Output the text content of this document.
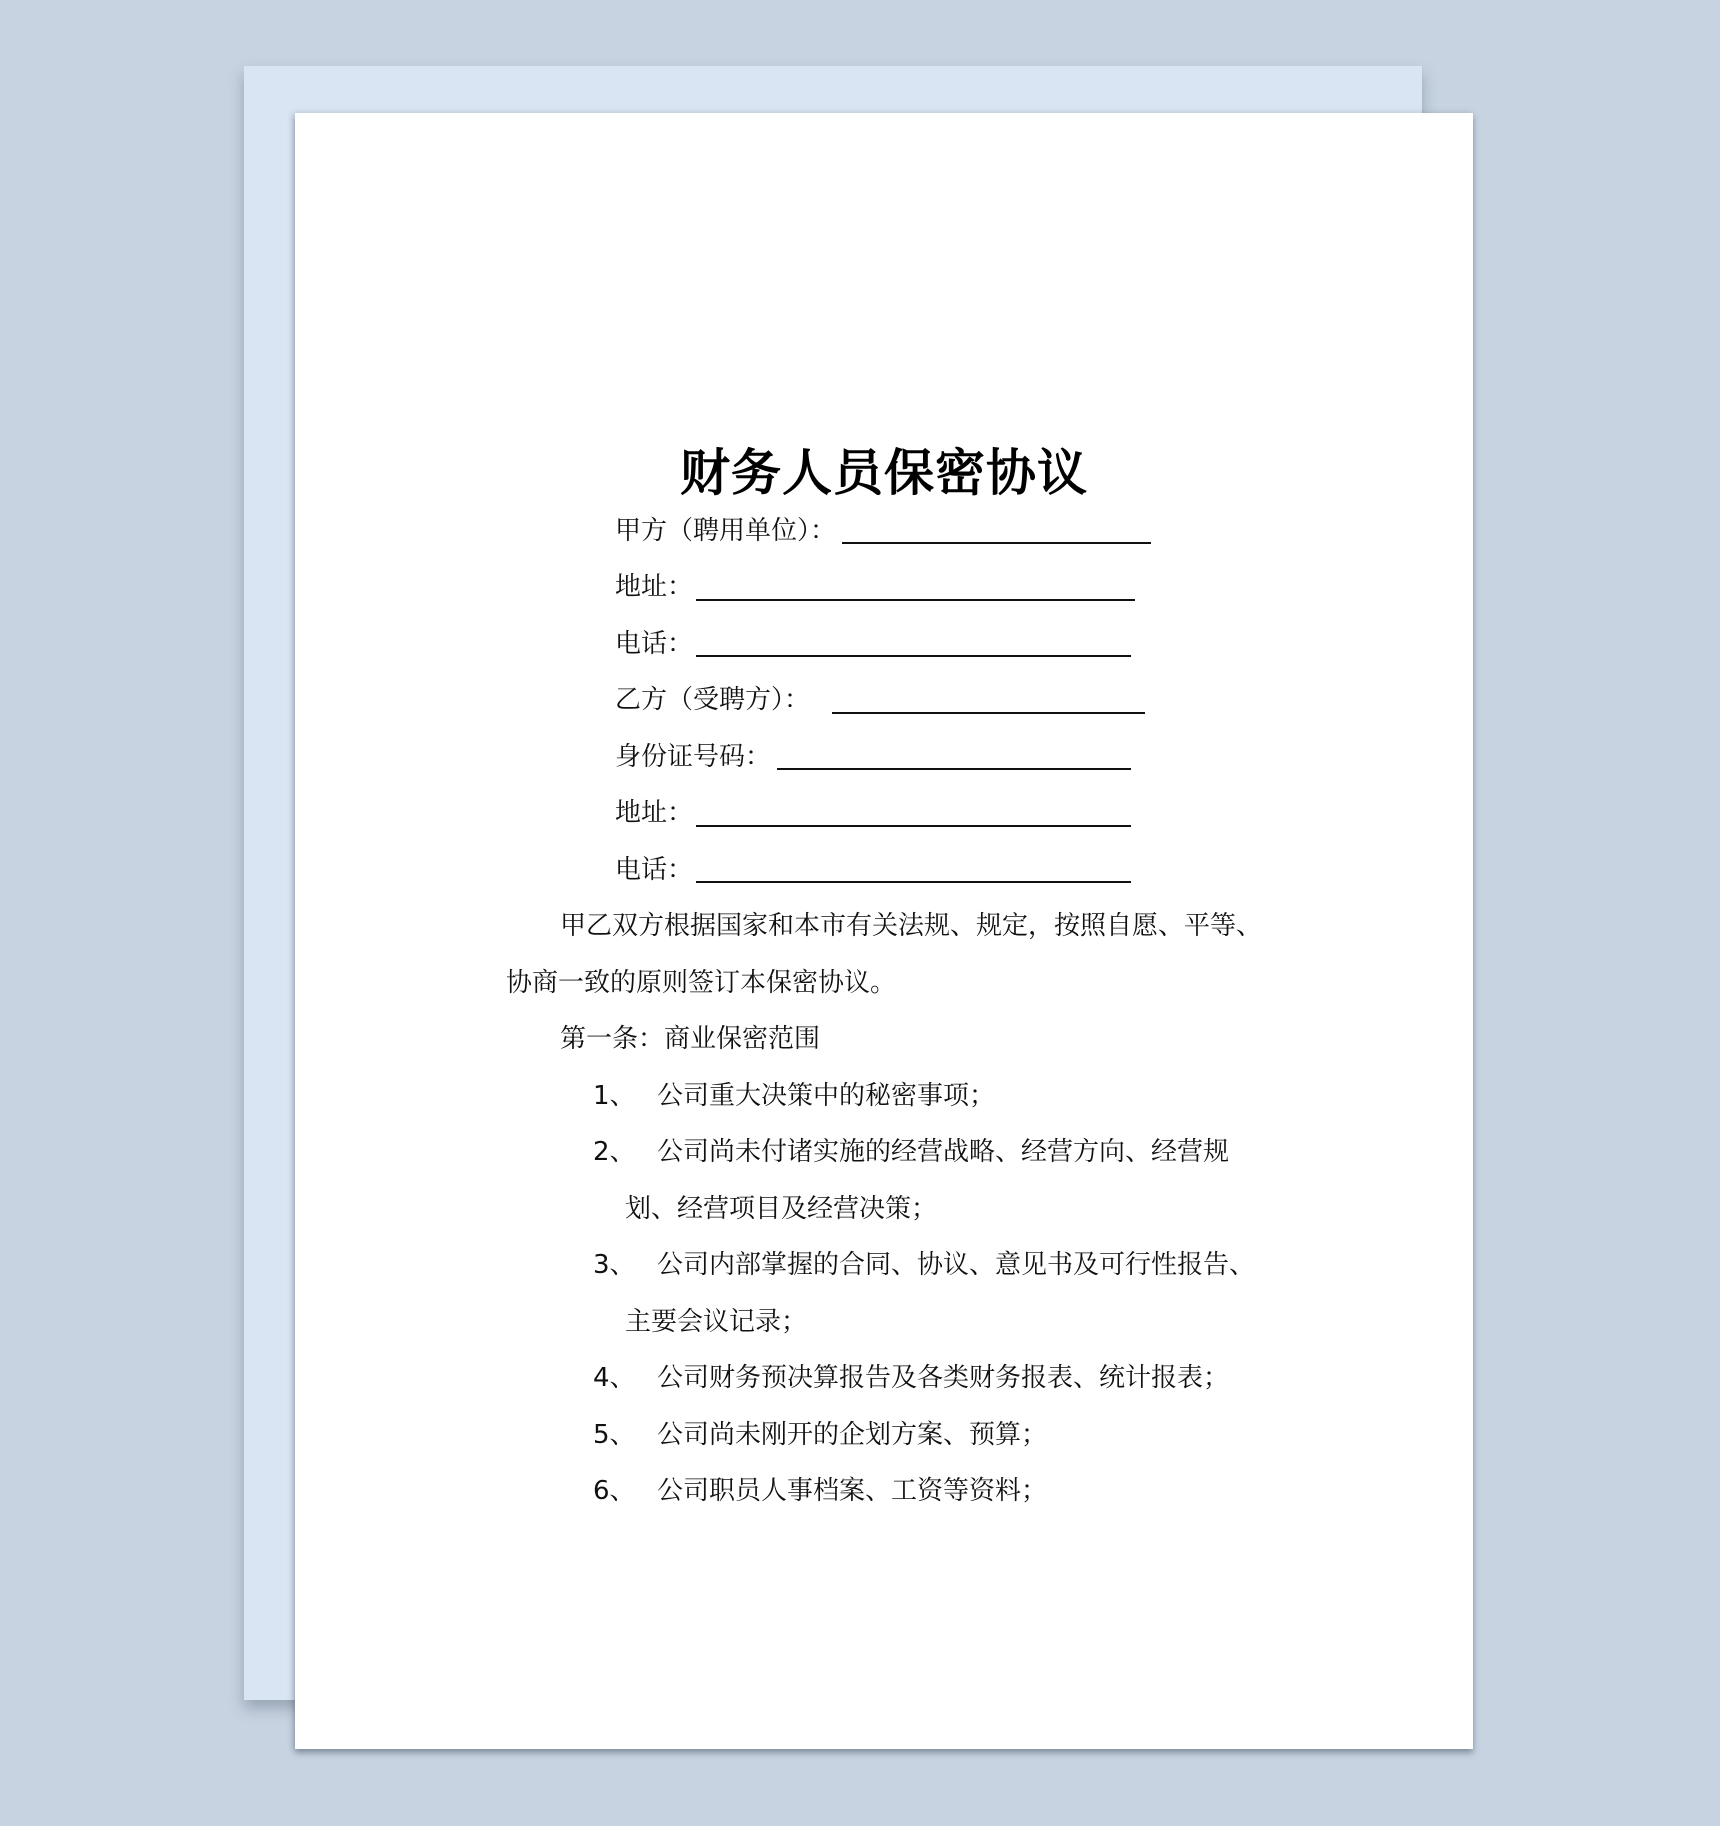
财务人员保密协议
甲方（聘用单位）：
地址：
电话：
乙方（受聘方）：
身份证号码：
地址：
电话：
甲乙双方根据国家和本市有关法规、规定，按照自愿、平等、
协商一致的原则签订本保密协议。
第一条：商业保密范围
1、 公司重大决策中的秘密事项；
2、 公司尚未付诸实施的经营战略、经营方向、经营规
划、经营项目及经营决策；
3、 公司内部掌握的合同、协议、意见书及可行性报告、
主要会议记录；
4、 公司财务预决算报告及各类财务报表、统计报表；
5、 公司尚未刚开的企划方案、预算；
6、 公司职员人事档案、工资等资料；
